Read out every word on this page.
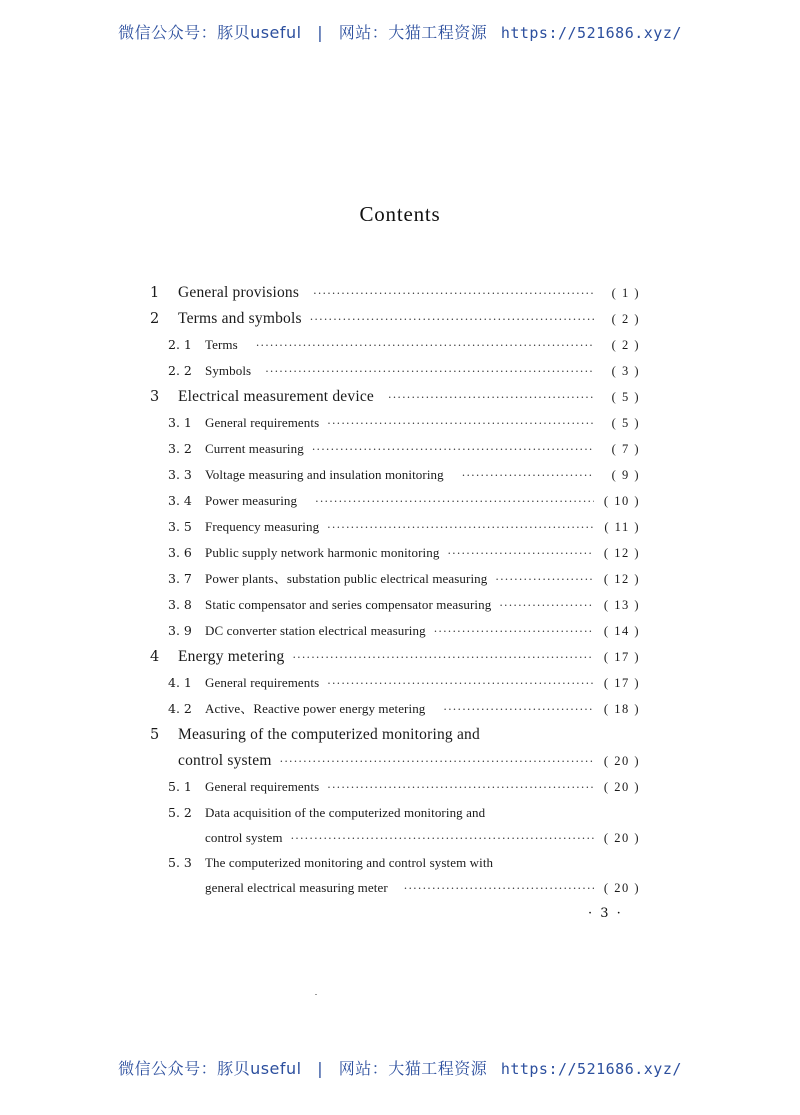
微信公众号：豚贝useful | 网站：大猫工程资源 https://521686.xyz/
Contents
1	General provisions ·····	( 1 )
2	Terms and symbols ·····	( 2 )
2. 1	Terms ·····	( 2 )
2. 2	Symbols ·····	( 3 )
3	Electrical measurement device ·····	( 5 )
3. 1	General requirements ·····	( 5 )
3. 2	Current measuring ·····	( 7 )
3. 3	Voltage measuring and insulation monitoring ·····	( 9 )
3. 4	Power measuring ·····	( 10 )
3. 5	Frequency measuring ·····	( 11 )
3. 6	Public supply network harmonic monitoring ·····	( 12 )
3. 7	Power plants、substation public electrical measuring ·····	( 12 )
3. 8	Static compensator and series compensator measuring ·····	( 13 )
3. 9	DC converter station electrical measuring ·····	( 14 )
4	Energy metering ·····	( 17 )
4. 1	General requirements ·····	( 17 )
4. 2	Active、Reactive power energy metering ·····	( 18 )
5	Measuring of the computerized monitoring and
control system ·····	( 20 )
5. 1	General requirements ·····	( 20 )
5. 2	Data acquisition of the computerized monitoring and
control system ·····	( 20 )
5. 3	The computerized monitoring and control system with
general electrical measuring meter ·····	( 20 )
· 3 ·
微信公众号：豚贝useful | 网站：大猫工程资源 https://521686.xyz/
